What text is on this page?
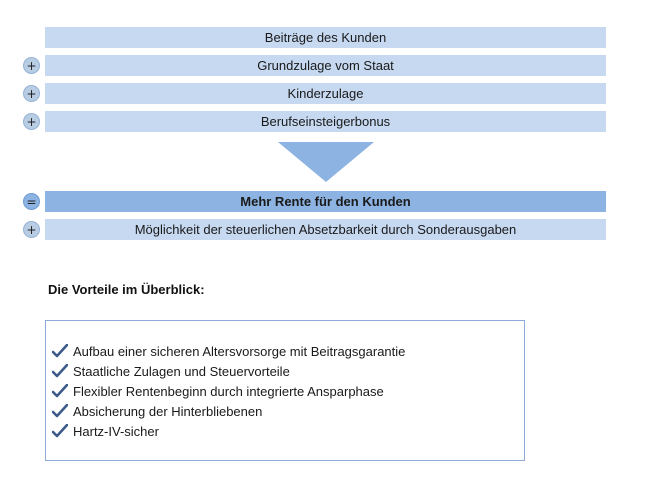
Beiträge des Kunden
+	Grundzulage vom Staat
+	Kinderzulage
+	Berufseinsteigerbonus
=	Mehr Rente für den Kunden
+	Möglichkeit der steuerlichen Absetzbarkeit durch Sonderausgaben
Die Vorteile im Überblick:
Aufbau einer sicheren Altersvorsorge mit Beitragsgarantie
Staatliche Zulagen und Steuervorteile
Flexibler Rentenbeginn durch integrierte Ansparphase
Absicherung der Hinterbliebenen
Hartz-IV-sicher
